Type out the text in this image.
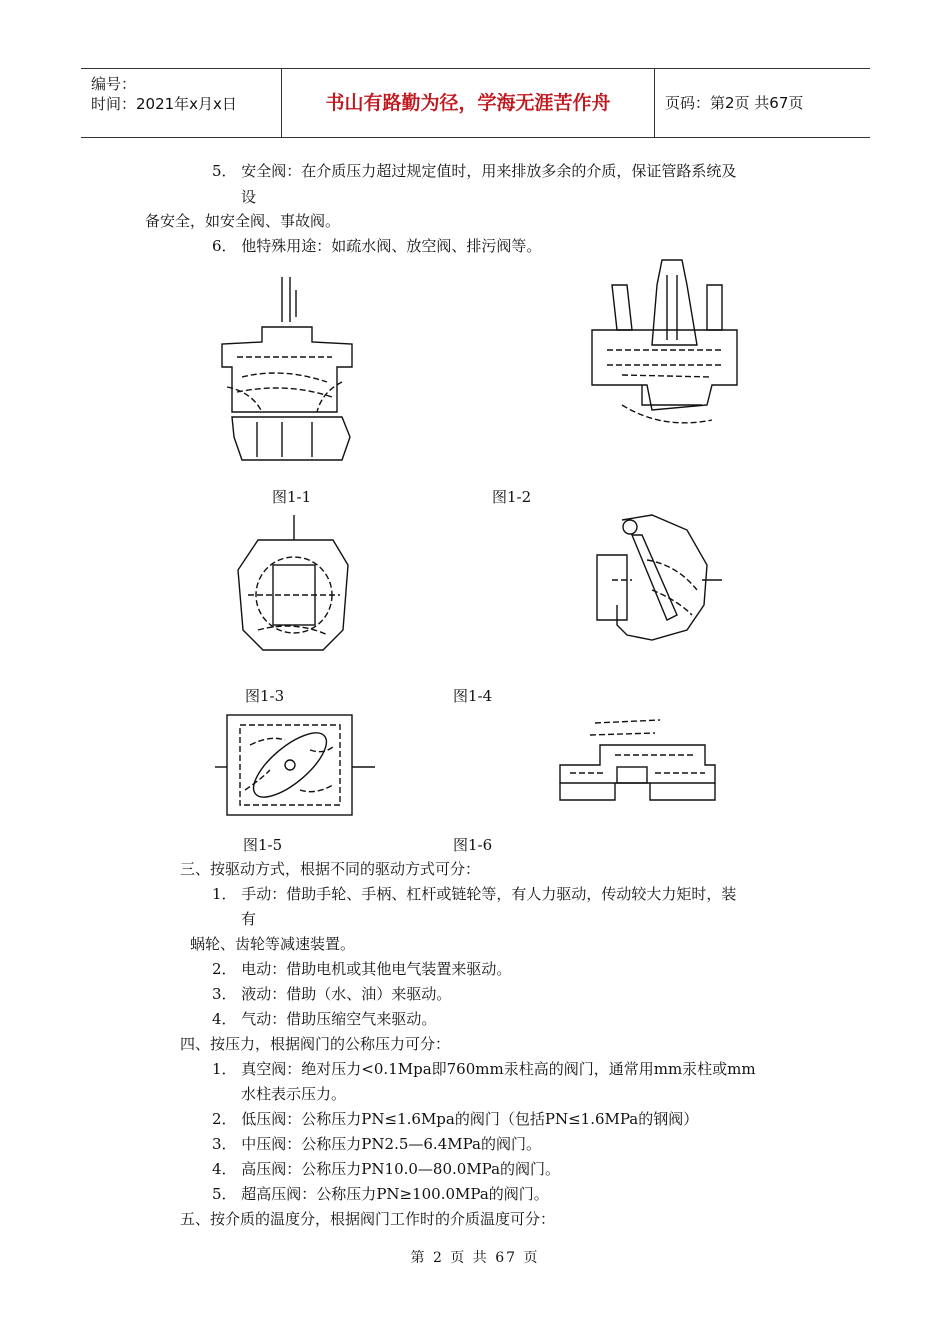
编号：
时间：2021年x月x日	书山有路勤为径，学海无涯苦作舟	页码：第2页 共67页
5． 安全阀：在介质压力超过规定值时，用来排放多余的介质，保证管路系统及
设
备安全，如安全阀、事故阀。
6． 他特殊用途：如疏水阀、放空阀、排污阀等。
图1-1	图1-2
图1-3	图1-4
图1-5	图1-6
三、按驱动方式，根据不同的驱动方式可分：
1． 手动：借助手轮、手柄、杠杆或链轮等，有人力驱动，传动较大力矩时，装
有
蜗轮、齿轮等减速装置。
2． 电动：借助电机或其他电气装置来驱动。
3． 液动：借助（水、油）来驱动。
4． 气动：借助压缩空气来驱动。
四、按压力，根据阀门的公称压力可分：
1． 真空阀：绝对压力<0.1Mpa即760mm汞柱高的阀门，通常用mm汞柱或mm
水柱表示压力。
2． 低压阀：公称压力PN≤1.6Mpa的阀门（包括PN≤1.6MPa的钢阀）
3． 中压阀：公称压力PN2.5—6.4MPa的阀门。
4． 高压阀：公称压力PN10.0—80.0MPa的阀门。
5． 超高压阀：公称压力PN≥100.0MPa的阀门。
五、按介质的温度分，根据阀门工作时的介质温度可分：
第 2 页 共 67 页
